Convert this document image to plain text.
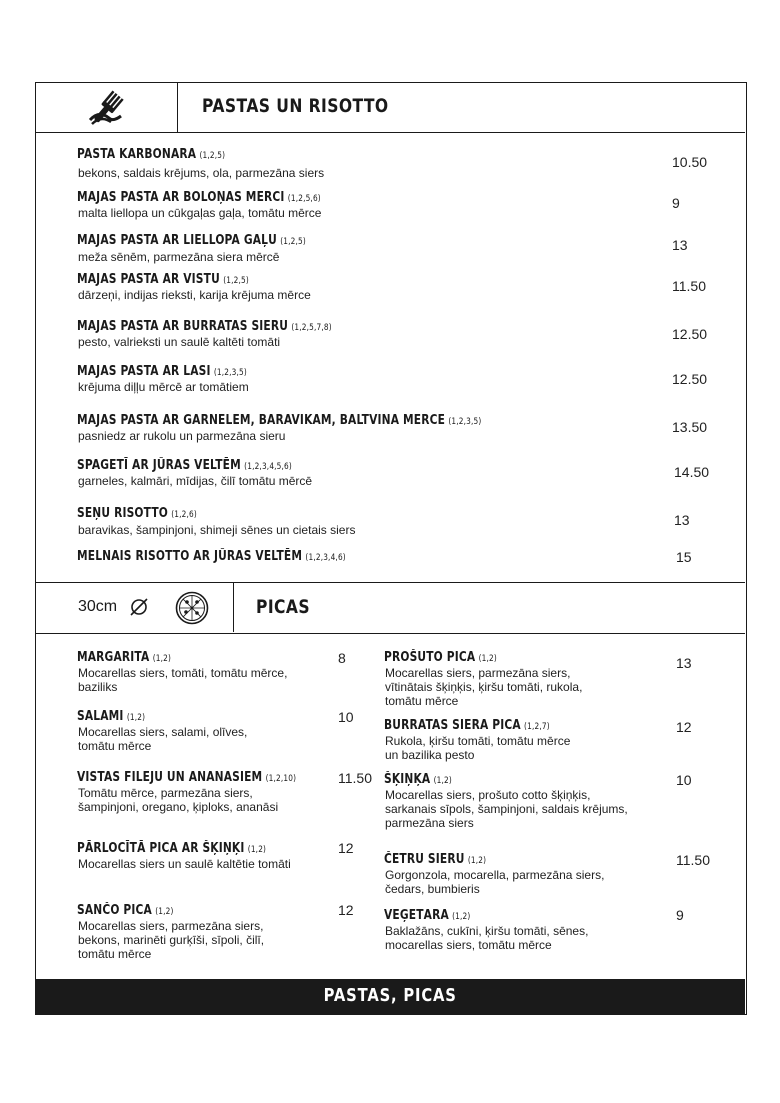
PASTAS UN RISOTTO
PASTA KARBONARA (1,2,5)
bekons, saldais krējums, ola, parmezāna siers
10.50
MĀJAS PASTA AR BOLOŅAS MĒRCI (1,2,5,6)
malta liellopa un cūkgaļas gaļa, tomātu mērce
9
MĀJAS PASTA AR LIELLOPA GAĻU (1,2,5)
meža sēnēm, parmezāna siera mērcē
13
MĀJAS PASTA AR VISTU (1,2,5)
dārzeņi, indijas rieksti, karija krējuma mērce
11.50
MĀJAS PASTA AR BURRATAS SIERU (1,2,5,7,8)
pesto, valrieksti un saulē kaltēti tomāti	12.50
MĀJAS PASTA AR LASI (1,2,3,5)
krējuma diļļu mērcē ar tomātiem	12.50
MĀJAS PASTA AR GARNELĒM, BARAVIKĀM, BALTVĪNA MĒRCĒ (1,2,3,5)
pasniedz ar rukolu un parmezāna sieru
13.50
SPAGETĪ AR JŪRAS VELTĒM (1,2,3,4,5,6)
garneles, kalmāri, mīdijas, čilī tomātu mērcē
14.50
SĒŅU RISOTTO (1,2,6)
baravikas, šampinjoni, shimeji sēnes un cietais siers
13
MELNAIS RISOTTO AR JŪRAS VELTĒM (1,2,3,4,6)	15
30cm	PICAS
MARGARITA (1,2)
Mocarellas siers, tomāti, tomātu mērce,
baziliks
8
SALAMI (1,2)
Mocarellas siers, salami, olīves,
tomātu mērce
10
VISTAS FILEJU UN ANANĀSIEM (1,2,10)
Tomātu mērce, parmezāna siers,
šampinjoni, oregano, ķiploks, ananāsi
11.50
PĀRLOCĪTĀ PICA AR ŠĶIŅĶI (1,2)
Mocarellas siers un saulē kaltētie tomāti
12
SANČO PICA (1,2)
Mocarellas siers, parmezāna siers,
bekons, marinēti gurķīši, sīpoli, čilī,
tomātu mērce
12
PROŠUTO PICA (1,2)
Mocarellas siers, parmezāna siers,
vītinātais šķiņķis, ķiršu tomāti, rukola,
tomātu mērce
13
BURRATAS SIERA PICA (1,2,7)
Rukola, ķiršu tomāti, tomātu mērce
un bazilika pesto
12
ŠĶIŅĶA (1,2)
Mocarellas siers, prošuto cotto šķiņķis,
sarkanais sīpols, šampinjoni, saldais krējums,
parmezāna siers
10
ČETRU SIERU (1,2)
Gorgonzola, mocarella, parmezāna siers,
čedars, bumbieris
11.50
VEĢETĀRĀ (1,2)
Baklažāns, cukīni, ķiršu tomāti, sēnes,
mocarellas siers, tomātu mērce
9
PASTAS, PICAS
